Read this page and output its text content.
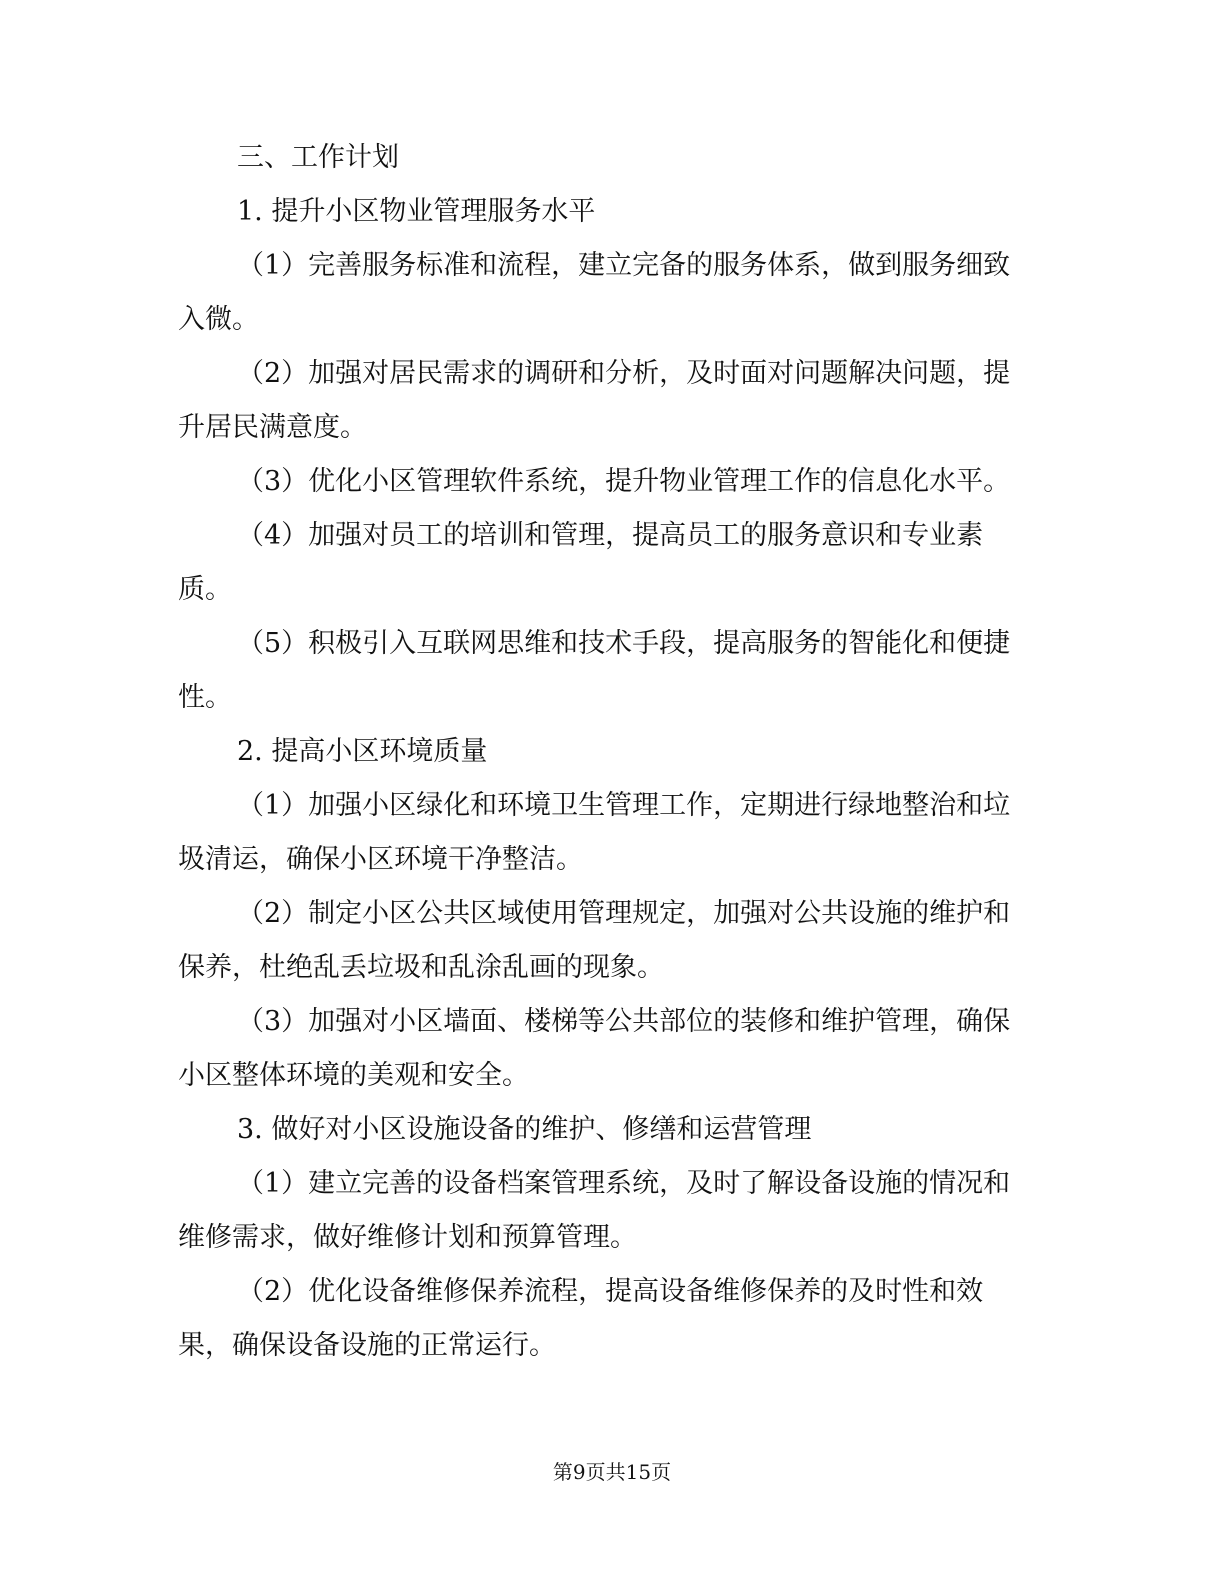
三、工作计划
1. 提升小区物业管理服务水平
（1）完善服务标准和流程，建立完备的服务体系，做到服务细致
入微。
（2）加强对居民需求的调研和分析，及时面对问题解决问题，提
升居民满意度。
（3）优化小区管理软件系统，提升物业管理工作的信息化水平。
（4）加强对员工的培训和管理，提高员工的服务意识和专业素
质。
（5）积极引入互联网思维和技术手段，提高服务的智能化和便捷
性。
2. 提高小区环境质量
（1）加强小区绿化和环境卫生管理工作，定期进行绿地整治和垃
圾清运，确保小区环境干净整洁。
（2）制定小区公共区域使用管理规定，加强对公共设施的维护和
保养，杜绝乱丢垃圾和乱涂乱画的现象。
（3）加强对小区墙面、楼梯等公共部位的装修和维护管理，确保
小区整体环境的美观和安全。
3. 做好对小区设施设备的维护、修缮和运营管理
（1）建立完善的设备档案管理系统，及时了解设备设施的情况和
维修需求，做好维修计划和预算管理。
（2）优化设备维修保养流程，提高设备维修保养的及时性和效
果，确保设备设施的正常运行。
第9页共15页
